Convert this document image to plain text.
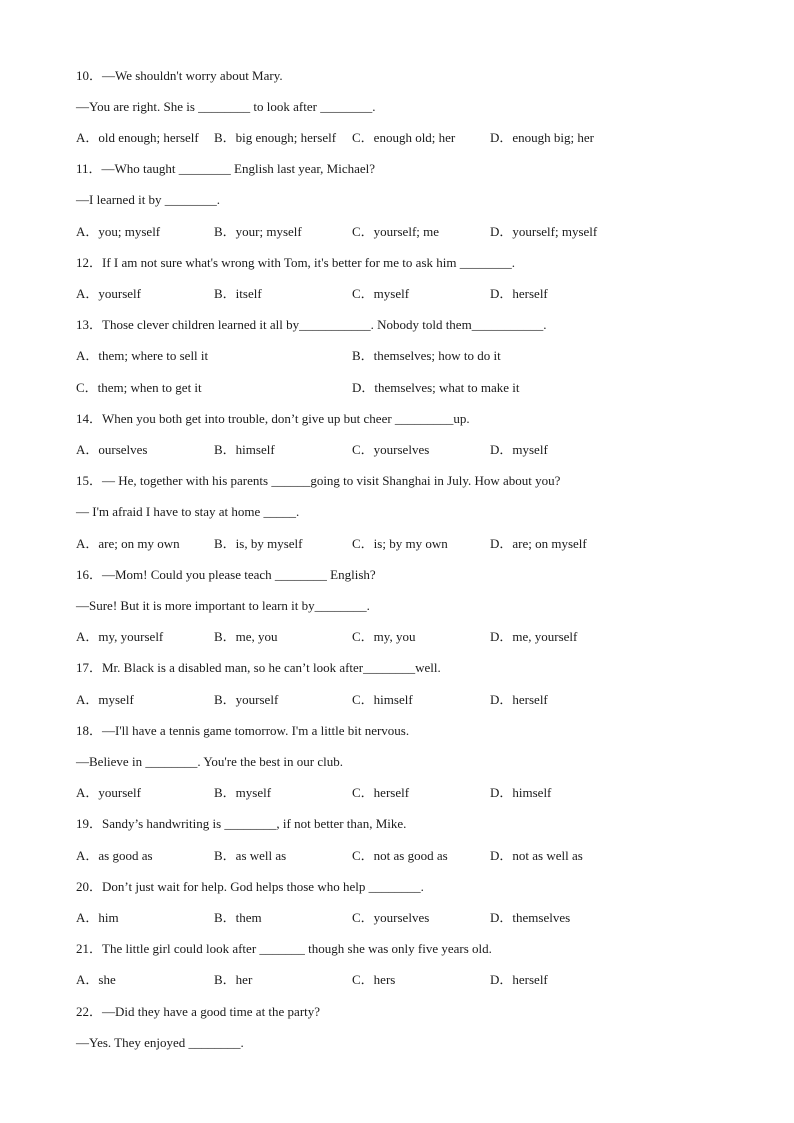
10．—We shouldn't worry about Mary.
—You are right. She is ________ to look after ________.
A．old enough; herself B．big enough; herself C．enough old; her	D．enough big; her
11．—Who taught ________ English last year, Michael?
—I learned it by ________.
A．you; myself	B．your; myself	C．yourself; me	D．yourself; myself
12．If I am not sure what's wrong with Tom, it's better for me to ask him ________.
A．yourself	B．itself	C．myself	D．herself
13．Those clever children learned it all by___________. Nobody told them___________.
A．them; where to sell it	B．themselves; how to do it
C．them; when to get it	D．themselves; what to make it
14．When you both get into trouble, don’t give up but cheer _________up.
A．ourselves	B．himself	C．yourselves	D．myself
15．— He, together with his parents ______going to visit Shanghai in July. How about you?
— I'm afraid I have to stay at home _____.
A．are; on my own	B．is, by myself	C．is; by my own	D．are; on myself
16．—Mom! Could you please teach ________ English?
—Sure! But it is more important to learn it by________.
A．my, yourself	B．me, you	C．my, you	D．me, yourself
17．Mr. Black is a disabled man, so he can’t look after________well.
A．myself	B．yourself	C．himself	D．herself
18．—I'll have a tennis game tomorrow. I'm a little bit nervous.
—Believe in ________. You're the best in our club.
A．yourself	B．myself	C．herself	D．himself
19．Sandy’s handwriting is ________, if not better than, Mike.
A．as good as	B．as well as	C．not as good as	D．not as well as
20．Don’t just wait for help. God helps those who help ________.
A．him	B．them	C．yourselves	D．themselves
21．The little girl could look after _______ though she was only five years old.
A．she	B．her	C．hers	D．herself
22．—Did they have a good time at the party?
—Yes. They enjoyed ________.
